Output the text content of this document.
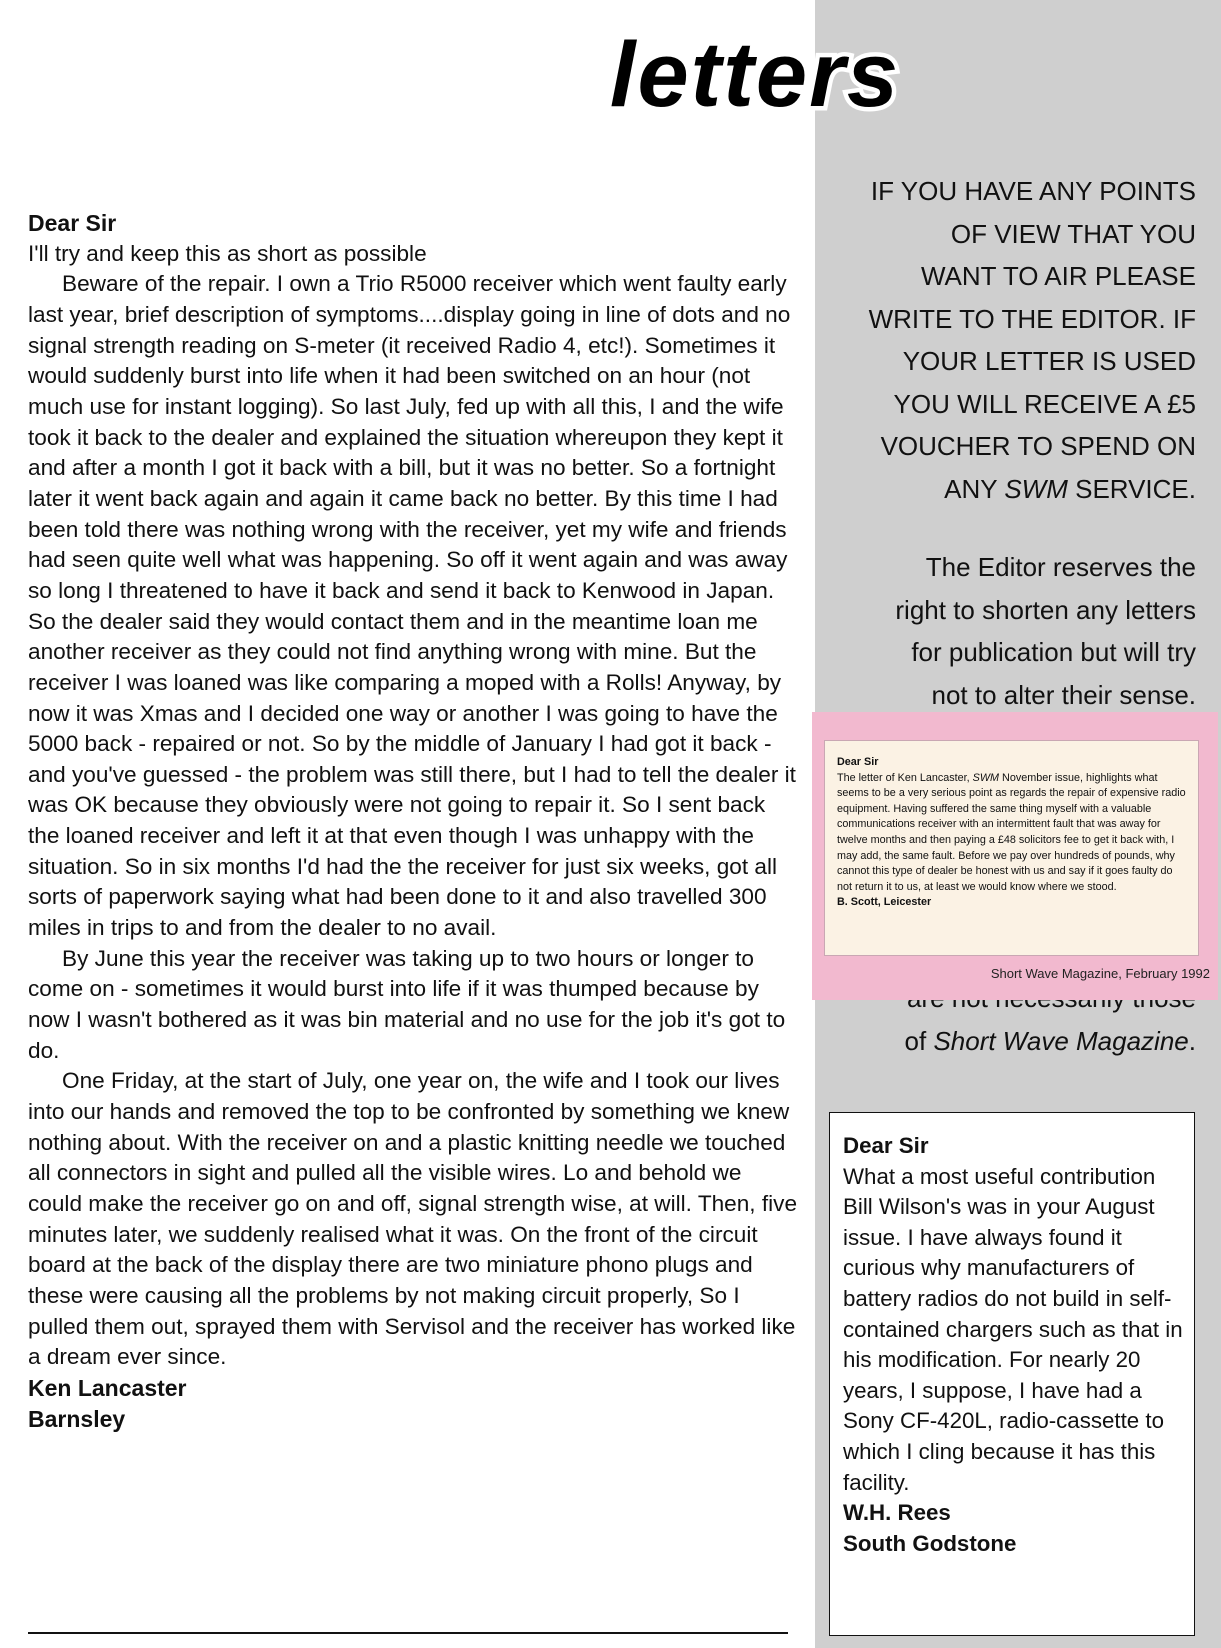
letters
Dear Sir

I'll try and keep this as short as possible

Beware of the repair. I own a Trio R5000 receiver which went faulty early last year, brief description of symptoms....display going in line of dots and no signal strength reading on S-meter (it received Radio 4, etc!). Sometimes it would suddenly burst into life when it had been switched on an hour (not much use for instant logging). So last July, fed up with all this, I and the wife took it back to the dealer and explained the situation whereupon they kept it and after a month I got it back with a bill, but it was no better. So a fortnight later it went back again and again it came back no better. By this time I had been told there was nothing wrong with the receiver, yet my wife and friends had seen quite well what was happening. So off it went again and was away so long I threatened to have it back and send it back to Kenwood in Japan. So the dealer said they would contact them and in the meantime loan me another receiver as they could not find anything wrong with mine. But the receiver I was loaned was like comparing a moped with a Rolls! Anyway, by now it was Xmas and I decided one way or another I was going to have the 5000 back - repaired or not. So by the middle of January I had got it back - and you've guessed - the problem was still there, but I had to tell the dealer it was OK because they obviously were not going to repair it. So I sent back the loaned receiver and left it at that even though I was unhappy with the situation. So in six months I'd had the the receiver for just six weeks, got all sorts of paperwork saying what had been done to it and also travelled 300 miles in trips to and from the dealer to no avail.

By June this year the receiver was taking up to two hours or longer to come on - sometimes it would burst into life if it was thumped because by now I wasn't bothered as it was bin material and no use for the job it's got to do.

One Friday, at the start of July, one year on, the wife and I took our lives into our hands and removed the top to be confronted by something we knew nothing about. With the receiver on and a plastic knitting needle we touched all connectors in sight and pulled all the visible wires. Lo and behold we could make the receiver go on and off, signal strength wise, at will. Then, five minutes later, we suddenly realised what it was. On the front of the circuit board at the back of the display there are two miniature phono plugs and these were causing all the problems by not making circuit properly, So I pulled them out, sprayed them with Servisol and the receiver has worked like a dream ever since.

Ken Lancaster
Barnsley

IF YOU HAVE ANY POINTS

OF VIEW THAT YOU

WANT TO AIR PLEASE

WRITE TO THE EDITOR. IF

YOUR LETTER IS USED

YOU WILL RECEIVE A £5

VOUCHER TO SPEND ON

ANY SWM SERVICE.

The Editor reserves the

right to shorten any letters

for publication but will try

not to alter their sense.

of Short Wave Magazine.

Dear Sir
The letter of Ken Lancaster, SWM November issue, highlights what seems to be a very serious point as regards the repair of expensive radio equipment. Having suffered the same thing myself with a valuable communications receiver with an intermittent fault that was away for twelve months and then paying a £48 solicitors fee to get it back with, I may add, the same fault. Before we pay over hundreds of pounds, why cannot this type of dealer be honest with us and say if it goes faulty do not return it to us, at least we would know where we stood.
B. Scott, Leicester
Short Wave Magazine, February 1992
Dear Sir
What a most useful contribution Bill Wilson's was in your August issue. I have always found it curious why manufacturers of battery radios do not build in self-contained chargers such as that in his modification. For nearly 20 years, I suppose, I have had a Sony CF-420L, radio-cassette to which I cling because it has this facility.
W.H. Rees
South Godstone
